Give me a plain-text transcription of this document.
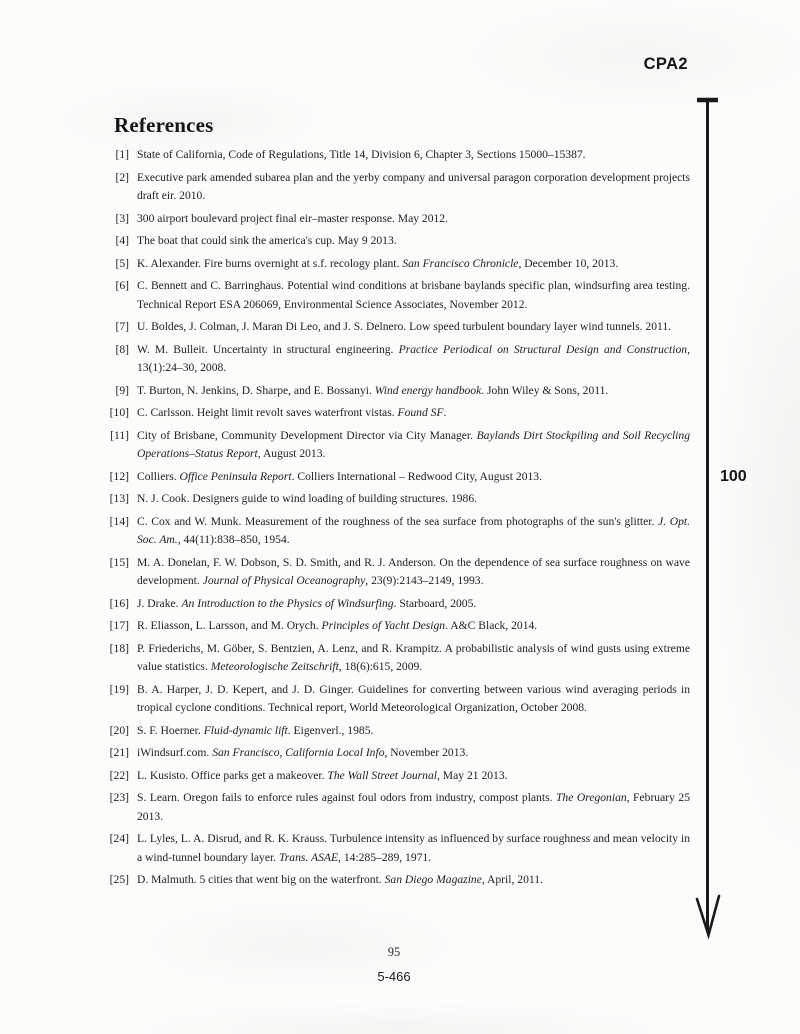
CPA2
References
[1] State of California, Code of Regulations, Title 14, Division 6, Chapter 3, Sections 15000–15387.
[2] Executive park amended subarea plan and the yerby company and universal paragon corporation development projects draft eir. 2010.
[3] 300 airport boulevard project final eir–master response. May 2012.
[4] The boat that could sink the america's cup. May 9 2013.
[5] K. Alexander. Fire burns overnight at s.f. recology plant. San Francisco Chronicle, December 10, 2013.
[6] C. Bennett and C. Barringhaus. Potential wind conditions at brisbane baylands specific plan, windsurfing area testing. Technical Report ESA 206069, Environmental Science Associates, November 2012.
[7] U. Boldes, J. Colman, J. Maran Di Leo, and J. S. Delnero. Low speed turbulent boundary layer wind tunnels. 2011.
[8] W. M. Bulleit. Uncertainty in structural engineering. Practice Periodical on Structural Design and Construction, 13(1):24–30, 2008.
[9] T. Burton, N. Jenkins, D. Sharpe, and E. Bossanyi. Wind energy handbook. John Wiley & Sons, 2011.
[10] C. Carlsson. Height limit revolt saves waterfront vistas. Found SF.
[11] City of Brisbane, Community Development Director via City Manager. Baylands Dirt Stockpiling and Soil Recycling Operations–Status Report, August 2013.
[12] Colliers. Office Peninsula Report. Colliers International – Redwood City, August 2013.
[13] N. J. Cook. Designers guide to wind loading of building structures. 1986.
[14] C. Cox and W. Munk. Measurement of the roughness of the sea surface from photographs of the sun's glitter. J. Opt. Soc. Am., 44(11):838–850, 1954.
[15] M. A. Donelan, F. W. Dobson, S. D. Smith, and R. J. Anderson. On the dependence of sea surface roughness on wave development. Journal of Physical Oceanography, 23(9):2143–2149, 1993.
[16] J. Drake. An Introduction to the Physics of Windsurfing. Starboard, 2005.
[17] R. Eliasson, L. Larsson, and M. Orych. Principles of Yacht Design. A&C Black, 2014.
[18] P. Friederichs, M. Göber, S. Bentzien, A. Lenz, and R. Krampitz. A probabilistic analysis of wind gusts using extreme value statistics. Meteorologische Zeitschrift, 18(6):615, 2009.
[19] B. A. Harper, J. D. Kepert, and J. D. Ginger. Guidelines for converting between various wind averaging periods in tropical cyclone conditions. Technical report, World Meteorological Organization, October 2008.
[20] S. F. Hoerner. Fluid-dynamic lift. Eigenverl., 1985.
[21] iWindsurf.com. San Francisco, California Local Info, November 2013.
[22] L. Kusisto. Office parks get a makeover. The Wall Street Journal, May 21 2013.
[23] S. Learn. Oregon fails to enforce rules against foul odors from industry, compost plants. The Oregonian, February 25 2013.
[24] L. Lyles, L. A. Disrud, and R. K. Krauss. Turbulence intensity as influenced by surface roughness and mean velocity in a wind-tunnel boundary layer. Trans. ASAE, 14:285–289, 1971.
[25] D. Malmuth. 5 cities that went big on the waterfront. San Diego Magazine, April, 2011.
100
95
5-466
